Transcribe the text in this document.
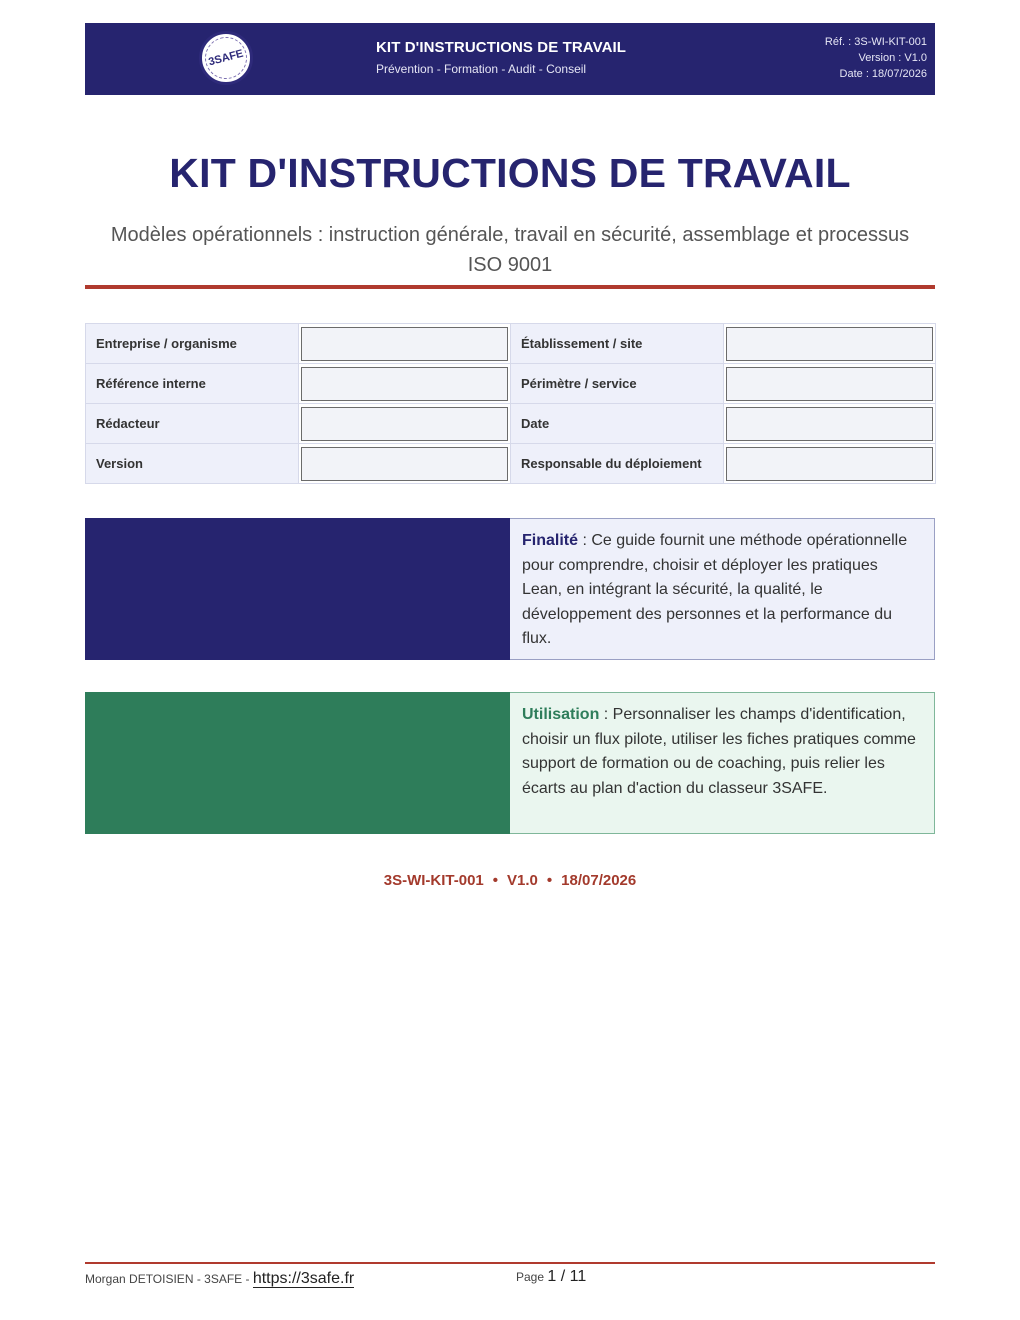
3SAFE
KIT D'INSTRUCTIONS DE TRAVAIL
Prévention - Formation - Audit - Conseil
Réf. : 3S-WI-KIT-001
Version : V1.0
Date : 18/07/2026
KIT D'INSTRUCTIONS DE TRAVAIL
Modèles opérationnels : instruction générale, travail en sécurité, assemblage et processus
ISO 9001
Entreprise / organisme		Établissement / site	

Référence interne		Périmètre / service	

Rédacteur		Date	

Version		Responsable du déploiement	
Finalité : Ce guide fournit une méthode opérationnelle pour comprendre, choisir et déployer les pratiques Lean, en intégrant la sécurité, la qualité, le développement des personnes et la performance du flux.
Utilisation : Personnaliser les champs d'identification, choisir un flux pilote, utiliser les fiches pratiques comme support de formation ou de coaching, puis relier les écarts au plan d'action du classeur 3SAFE.
3S-WI-KIT-001 • V1.0 • 18/07/2026
Morgan DETOISIEN - 3SAFE - https://3safe.fr	Page 1 / 11
